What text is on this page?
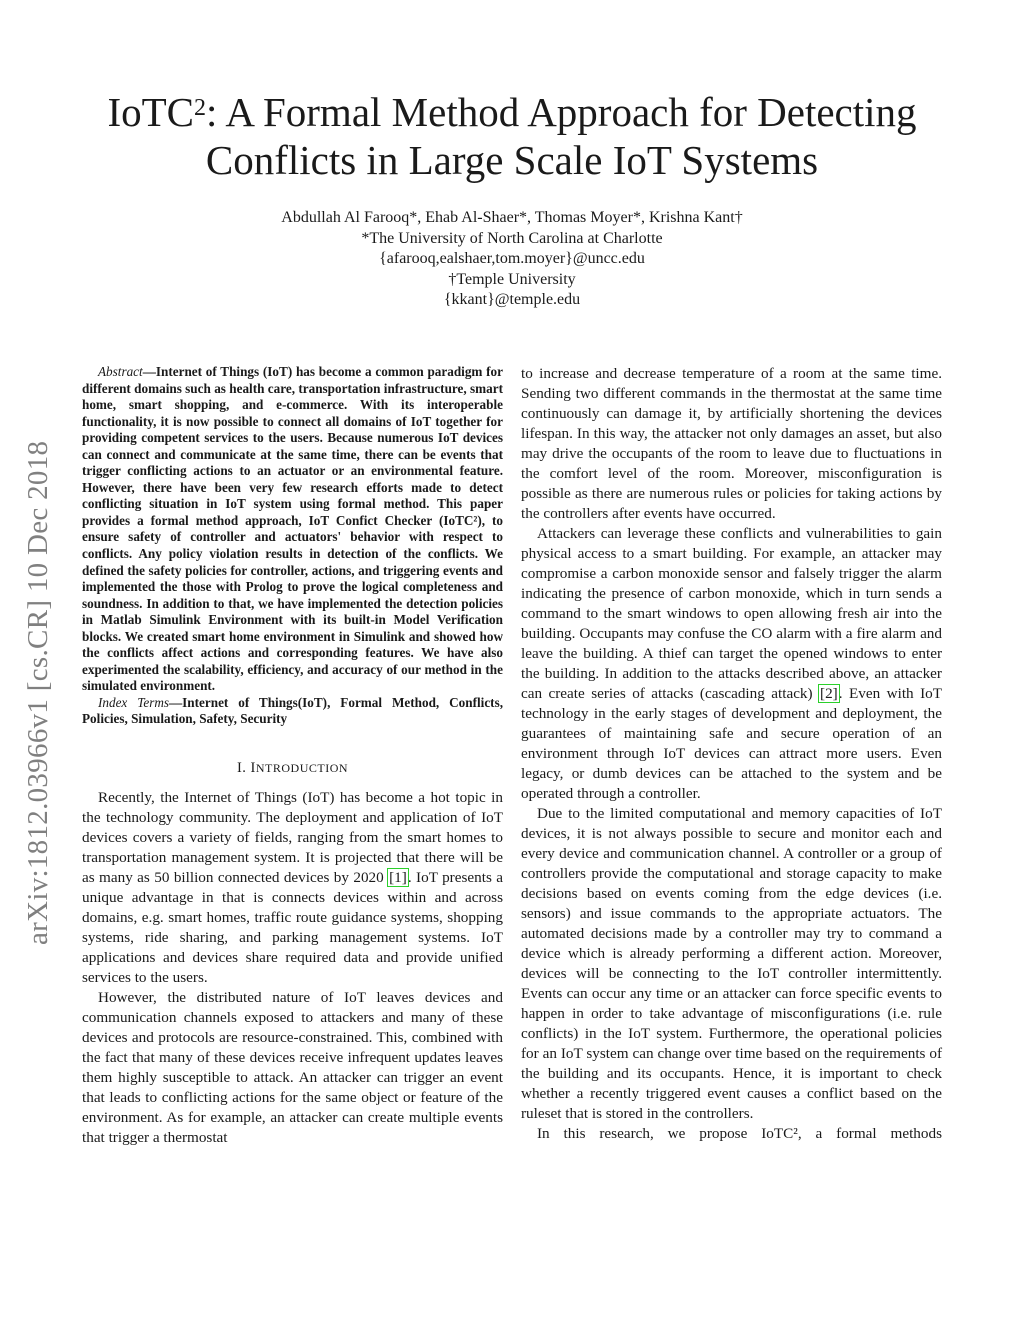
arXiv:1812.03966v1 [cs.CR] 10 Dec 2018
IoTC$^2$: A Formal Method Approach for Detecting
Conflicts in Large Scale IoT Systems
Abdullah Al Farooq*, Ehab Al-Shaer*, Thomas Moyer*, Krishna Kant†
*The University of North Carolina at Charlotte
{afarooq,ealshaer,tom.moyer}@uncc.edu
†Temple University
{kkant}@temple.edu

Abstract—Internet of Things (IoT) has become a common paradigm for different domains such as health care, transportation infrastructure, smart home, smart shopping, and e-commerce. With its interoperable functionality, it is now possible to connect all domains of IoT together for providing competent services to the users. Because numerous IoT devices can connect and communicate at the same time, there can be events that trigger conflicting actions to an actuator or an environmental feature. However, there have been very few research efforts made to detect conflicting situation in IoT system using formal method. This paper provides a formal method approach, IoT Confict Checker (IoTC²), to ensure safety of controller and actuators' behavior with respect to conflicts. Any policy violation results in detection of the conflicts. We defined the safety policies for controller, actions, and triggering events and implemented the those with Prolog to prove the logical completeness and soundness. In addition to that, we have implemented the detection policies in Matlab Simulink Environment with its built-in Model Verification blocks. We created smart home environment in Simulink and showed how the conflicts affect actions and corresponding features. We have also experimented the scalability, efficiency, and accuracy of our method in the simulated environment.

Index Terms—Internet of Things(IoT), Formal Method, Conflicts, Policies, Simulation, Safety, Security

I. INTRODUCTION

Recently, the Internet of Things (IoT) has become a hot topic in the technology community. The deployment and application of IoT devices covers a variety of fields, ranging from the smart homes to transportation management system. It is projected that there will be as many as 50 billion connected devices by 2020 [1]. IoT presents a unique advantage in that is connects devices within and across domains, e.g. smart homes, traffic route guidance systems, shopping systems, ride sharing, and parking management systems. IoT applications and devices share required data and provide unified services to the users.

However, the distributed nature of IoT leaves devices and communication channels exposed to attackers and many of these devices and protocols are resource-constrained. This, combined with the fact that many of these devices receive infrequent updates leaves them highly susceptible to attack. An attacker can trigger an event that leads to conflicting actions for the same object or feature of the environment. As for example, an attacker can create multiple events that trigger a thermostat

to increase and decrease temperature of a room at the same time. Sending two different commands in the thermostat at the same time continuously can damage it, by artificially shortening the devices lifespan. In this way, the attacker not only damages an asset, but also may drive the occupants of the room to leave due to fluctuations in the comfort level of the room. Moreover, misconfiguration is possible as there are numerous rules or policies for taking actions by the controllers after events have occurred.

Attackers can leverage these conflicts and vulnerabilities to gain physical access to a smart building. For example, an attacker may compromise a carbon monoxide sensor and falsely trigger the alarm indicating the presence of carbon monoxide, which in turn sends a command to the smart windows to open allowing fresh air into the building. Occupants may confuse the CO alarm with a fire alarm and leave the building. A thief can target the opened windows to enter the building. In addition to the attacks described above, an attacker can create series of attacks (cascading attack) [2]. Even with IoT technology in the early stages of development and deployment, the guarantees of maintaining safe and secure operation of an environment through IoT devices can attract more users. Even legacy, or dumb devices can be attached to the system and be operated through a controller.

Due to the limited computational and memory capacities of IoT devices, it is not always possible to secure and monitor each and every device and communication channel. A controller or a group of controllers provide the computational and storage capacity to make decisions based on events coming from the edge devices (i.e. sensors) and issue commands to the appropriate actuators. The automated decisions made by a controller may try to command a device which is already performing a different action. Moreover, devices will be connecting to the IoT controller intermittently. Events can occur any time or an attacker can force specific events to happen in order to take advantage of misconfigurations (i.e. rule conflicts) in the IoT system. Furthermore, the operational policies for an IoT system can change over time based on the requirements of the building and its occupants. Hence, it is important to check whether a recently triggered event causes a conflict based on the ruleset that is stored in the controllers.

In this research, we propose IoTC², a formal methods
